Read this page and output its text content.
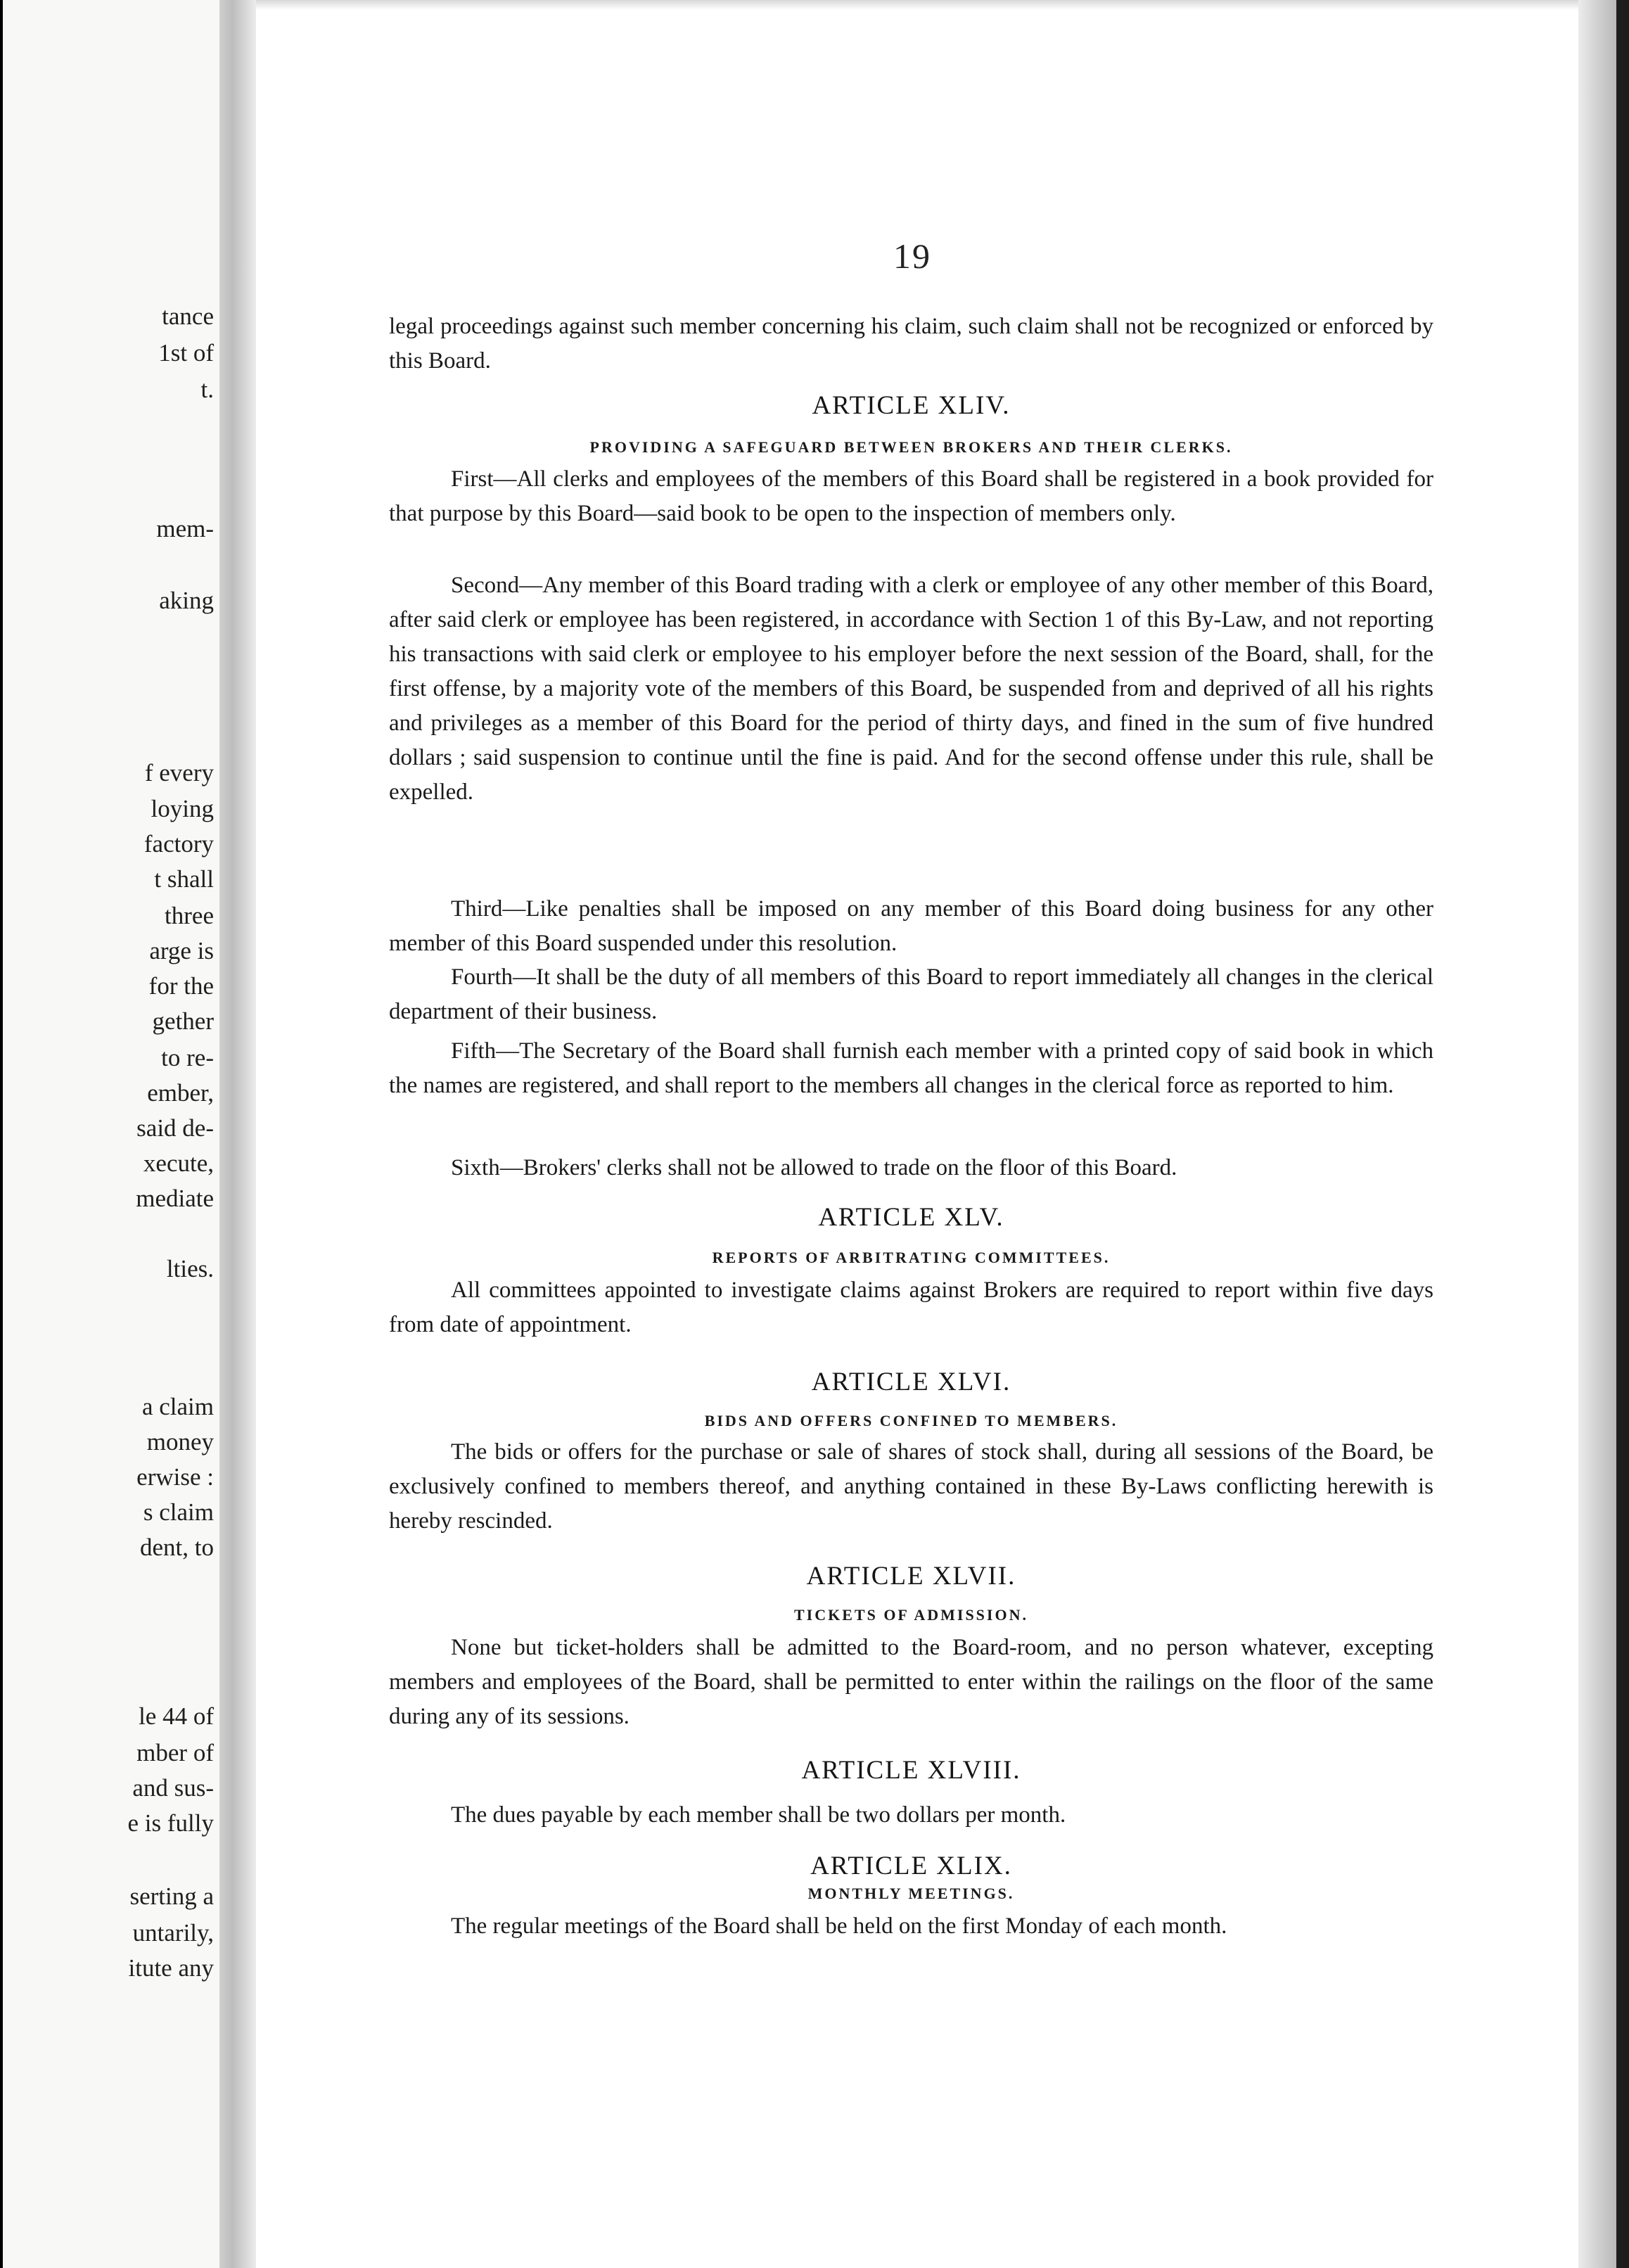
tance
1st of
t.
mem-
aking
f every
loying
factory
t shall
three
arge is
for the
gether
to re-
ember,
said de-
xecute,
mediate
lties.
a claim
money
erwise :
s claim
dent, to
le 44 of
mber of
and sus-
e is fully
serting a
untarily,
itute any
19
legal proceedings against such member concerning his claim, such claim shall not be recognized or enforced by this Board.
ARTICLE XLIV.
PROVIDING A SAFEGUARD BETWEEN BROKERS AND THEIR CLERKS.
First—All clerks and employees of the members of this Board shall be registered in a book provided for that purpose by this Board—said book to be open to the inspection of members only.
Second—Any member of this Board trading with a clerk or employee of any other member of this Board, after said clerk or employee has been registered, in accordance with Section 1 of this By-Law, and not reporting his transactions with said clerk or employee to his employer before the next session of the Board, shall, for the first offense, by a majority vote of the members of this Board, be suspended from and deprived of all his rights and privileges as a member of this Board for the period of thirty days, and fined in the sum of five hundred dollars ; said suspension to continue until the fine is paid. And for the second offense under this rule, shall be expelled.
Third—Like penalties shall be imposed on any member of this Board doing business for any other member of this Board suspended under this resolution.
Fourth—It shall be the duty of all members of this Board to report immediately all changes in the clerical department of their business.
Fifth—The Secretary of the Board shall furnish each member with a printed copy of said book in which the names are registered, and shall report to the members all changes in the clerical force as reported to him.
Sixth—Brokers' clerks shall not be allowed to trade on the floor of this Board.
ARTICLE XLV.
REPORTS OF ARBITRATING COMMITTEES.
All committees appointed to investigate claims against Brokers are required to report within five days from date of appointment.
ARTICLE XLVI.
BIDS AND OFFERS CONFINED TO MEMBERS.
The bids or offers for the purchase or sale of shares of stock shall, during all sessions of the Board, be exclusively confined to members thereof, and anything contained in these By-Laws conflicting herewith is hereby rescinded.
ARTICLE XLVII.
TICKETS OF ADMISSION.
None but ticket-holders shall be admitted to the Board-room, and no person whatever, excepting members and employees of the Board, shall be permitted to enter within the railings on the floor of the same during any of its sessions.
ARTICLE XLVIII.
The dues payable by each member shall be two dollars per month.
ARTICLE XLIX.
MONTHLY MEETINGS.
The regular meetings of the Board shall be held on the first Monday of each month.
